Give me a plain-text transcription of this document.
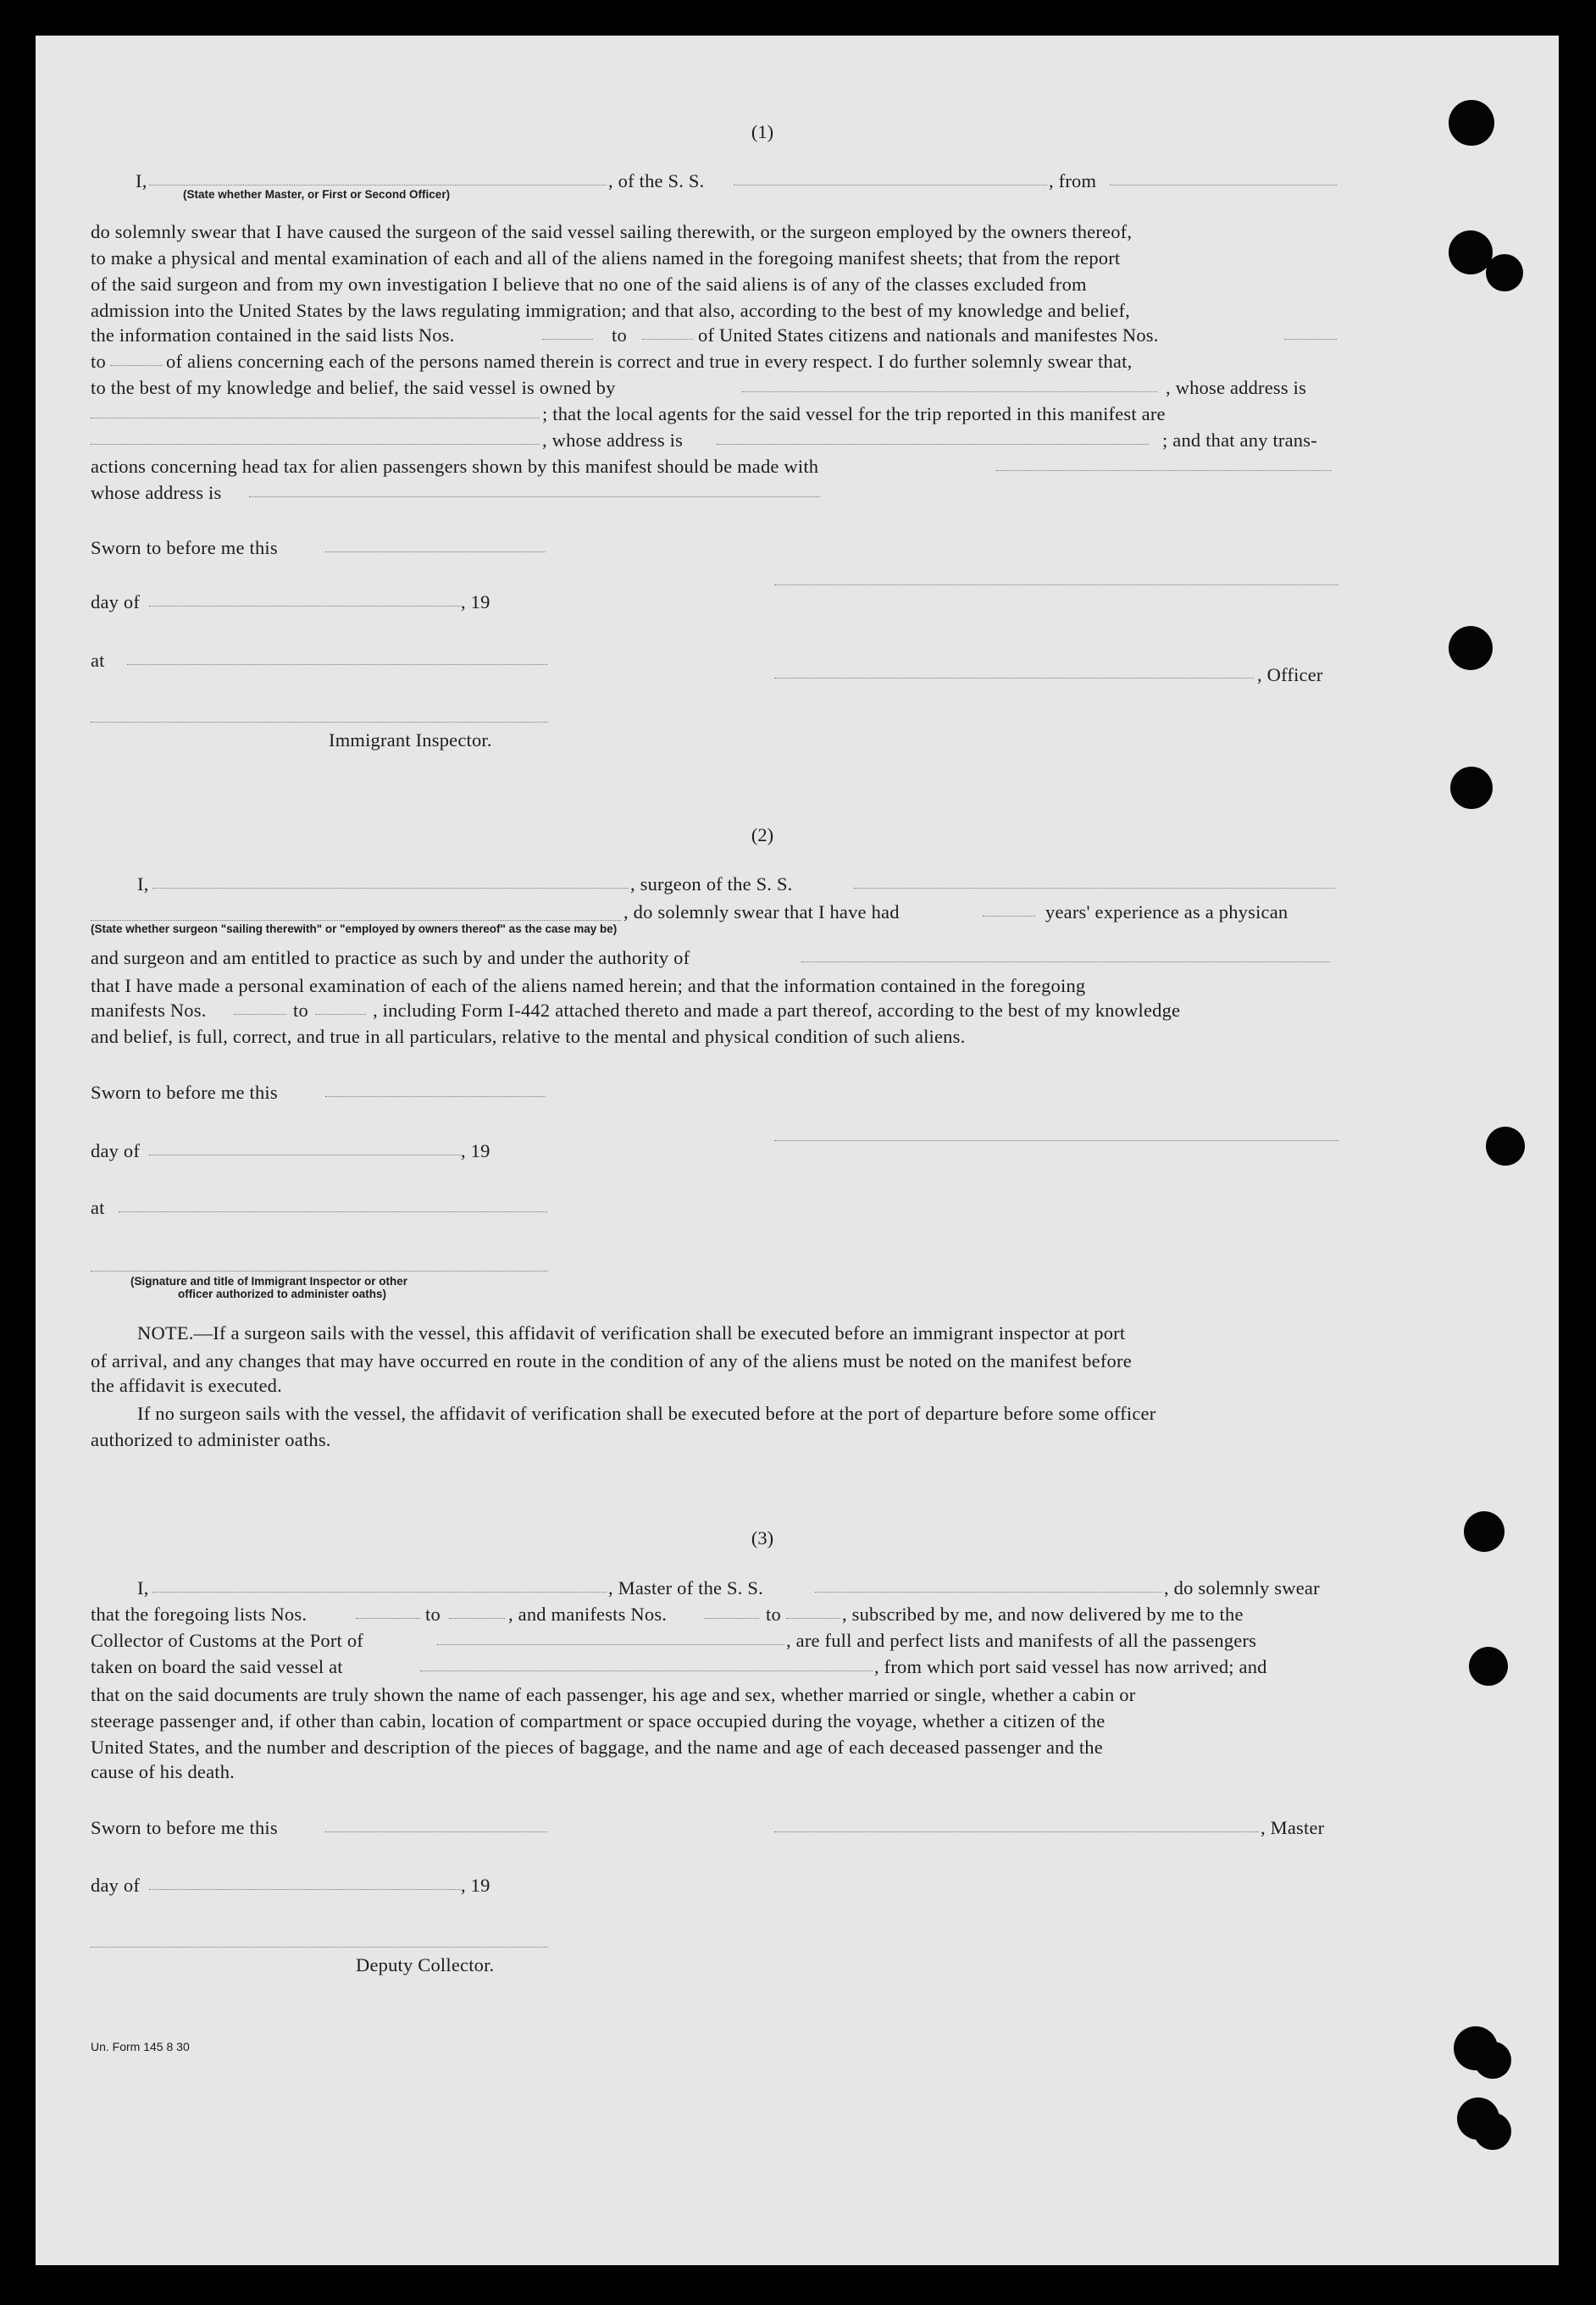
(1)
I,	, of the S. S.	, from
(State whether Master, or First or Second Officer)
do solemnly swear that I have caused the surgeon of the said vessel sailing therewith, or the surgeon employed by the owners thereof,
to make a physical and mental examination of each and all of the aliens named in the foregoing manifest sheets; that from the report
of the said surgeon and from my own investigation I believe that no one of the said aliens is of any of the classes excluded from
admission into the United States by the laws regulating immigration; and that also, according to the best of my knowledge and belief,
the information contained in the said lists Nos.	to	of United States citizens and nationals and manifestes Nos.
to	of aliens concerning each of the persons named therein is correct and true in every respect. I do further solemnly swear that,
to the best of my knowledge and belief, the said vessel is owned by	, whose address is
; that the local agents for the said vessel for the trip reported in this manifest are
, whose address is	; and that any trans-
actions concerning head tax for alien passengers shown by this manifest should be made with
whose address is
Sworn to before me this
day of	, 19
at
, Officer
Immigrant Inspector.
(2)
I,	, surgeon of the S. S.
, do solemnly swear that I have had	years' experience as a physican
(State whether surgeon "sailing therewith" or "employed by owners thereof" as the case may be)
and surgeon and am entitled to practice as such by and under the authority of
that I have made a personal examination of each of the aliens named herein; and that the information contained in the foregoing
manifests Nos.	to	, including Form I-442 attached thereto and made a part thereof, according to the best of my knowledge
and belief, is full, correct, and true in all particulars, relative to the mental and physical condition of such aliens.
Sworn to before me this
day of	, 19
at
(Signature and title of Immigrant Inspector or other
officer authorized to administer oaths)
NOTE.—If a surgeon sails with the vessel, this affidavit of verification shall be executed before an immigrant inspector at port
of arrival, and any changes that may have occurred en route in the condition of any of the aliens must be noted on the manifest before
the affidavit is executed.
If no surgeon sails with the vessel, the affidavit of verification shall be executed before at the port of departure before some officer
authorized to administer oaths.
(3)
I,	, Master of the S. S.	, do solemnly swear
that the foregoing lists Nos.	to	, and manifests Nos.	to	, subscribed by me, and now delivered by me to the
Collector of Customs at the Port of	, are full and perfect lists and manifests of all the passengers
taken on board the said vessel at	, from which port said vessel has now arrived; and
that on the said documents are truly shown the name of each passenger, his age and sex, whether married or single, whether a cabin or
steerage passenger and, if other than cabin, location of compartment or space occupied during the voyage, whether a citizen of the
United States, and the number and description of the pieces of baggage, and the name and age of each deceased passenger and the
cause of his death.
Sworn to before me this	, Master
day of	, 19
Deputy Collector.
Un. Form 145 8 30
